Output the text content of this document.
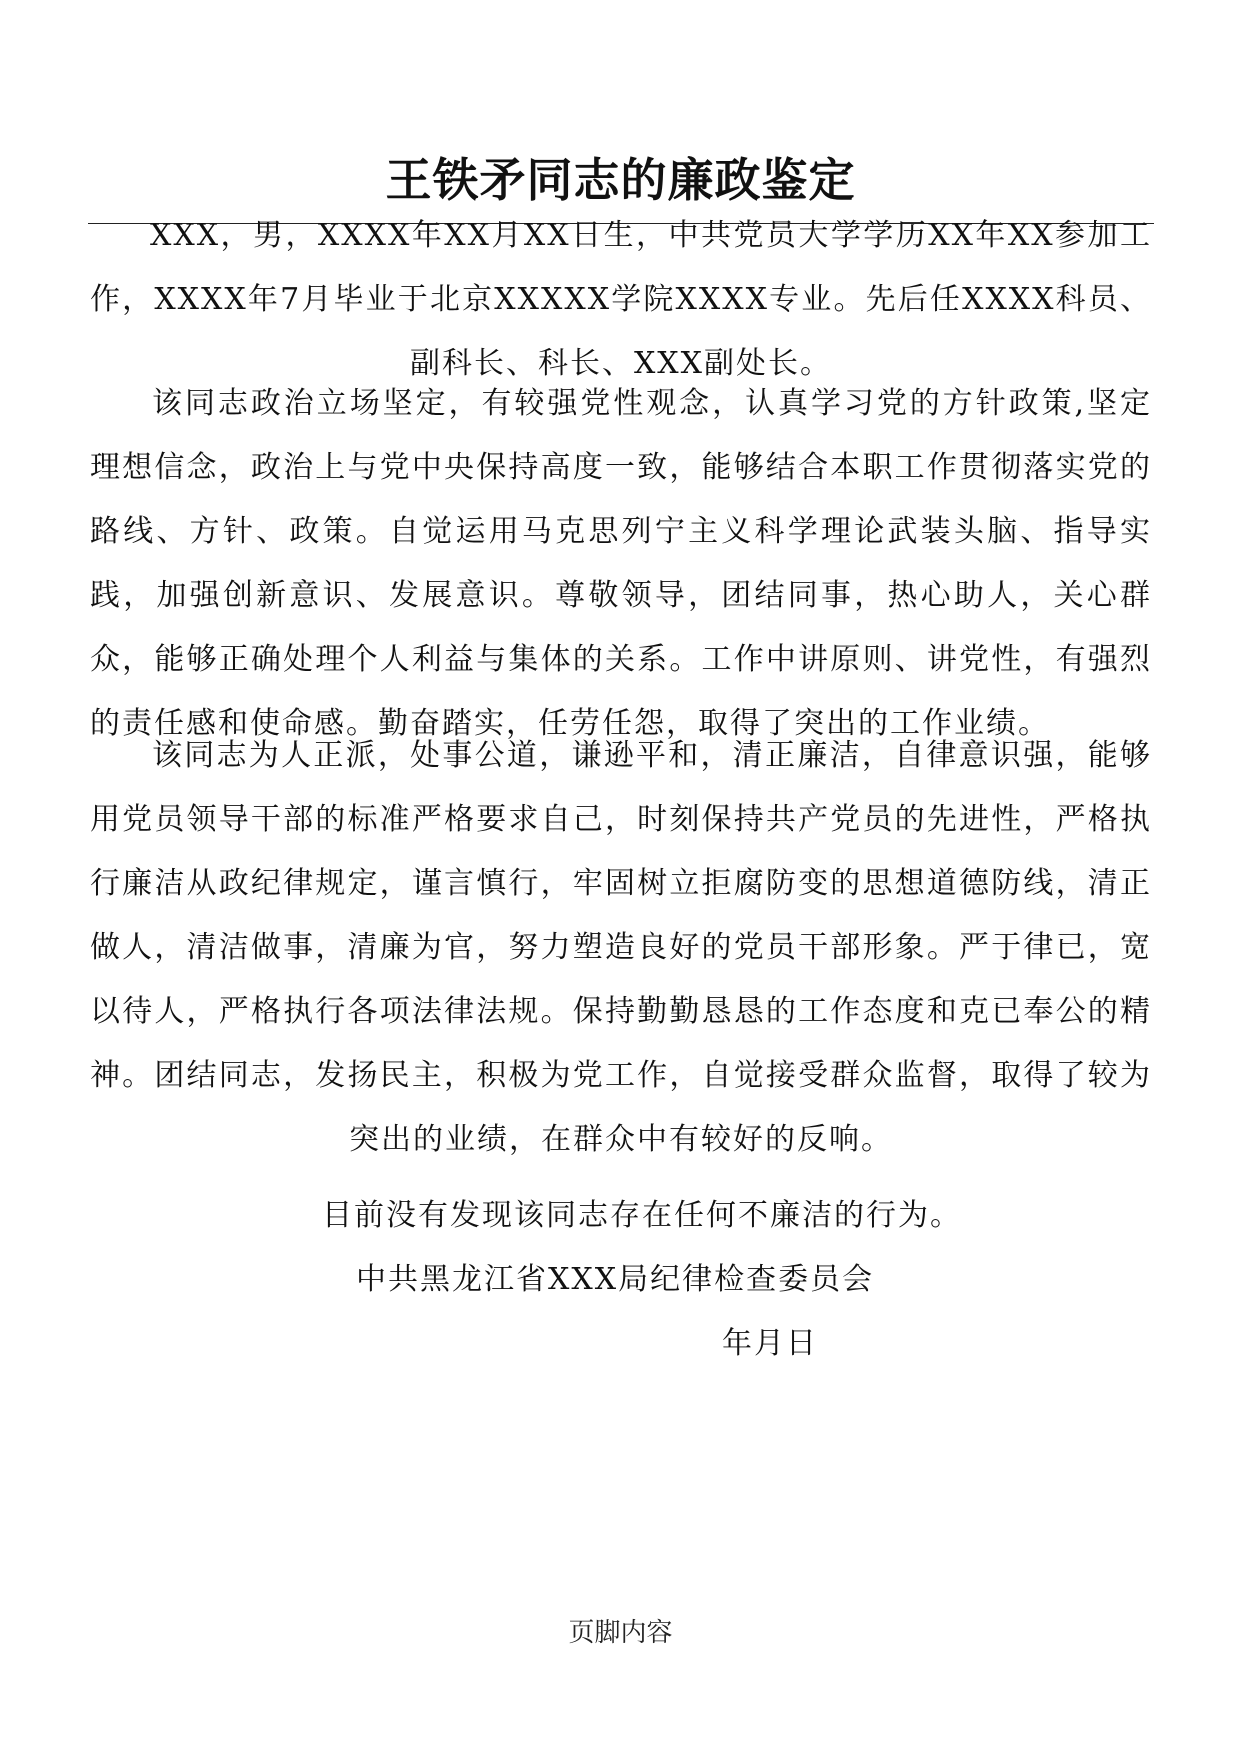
王铁矛同志的廉政鉴定
XXX，男，XXXX年XX月XX日生，中共党员大学学历XX年XX参加工作，XXXX年7月毕业于北京XXXXX学院XXXX专业。先后任XXXX科员、副科长、科长、XXX副处长。
该同志政治立场坚定，有较强党性观念，认真学习党的方针政策,坚定理想信念，政治上与党中央保持高度一致，能够结合本职工作贯彻落实党的路线、方针、政策。自觉运用马克思列宁主义科学理论武装头脑、指导实践，加强创新意识、发展意识。尊敬领导，团结同事，热心助人，关心群众，能够正确处理个人利益与集体的关系。工作中讲原则、讲党性，有强烈的责任感和使命感。勤奋踏实，任劳任怨，取得了突出的工作业绩。
该同志为人正派，处事公道，谦逊平和，清正廉洁，自律意识强，能够用党员领导干部的标准严格要求自己，时刻保持共产党员的先进性，严格执行廉洁从政纪律规定，谨言慎行，牢固树立拒腐防变的思想道德防线，清正做人，清洁做事，清廉为官，努力塑造良好的党员干部形象。严于律已，宽以待人，严格执行各项法律法规。保持勤勤恳恳的工作态度和克已奉公的精神。团结同志，发扬民主，积极为党工作，自觉接受群众监督，取得了较为突出的业绩，在群众中有较好的反响。
目前没有发现该同志存在任何不廉洁的行为。
中共黑龙江省XXX局纪律检查委员会
年月日
页脚内容
